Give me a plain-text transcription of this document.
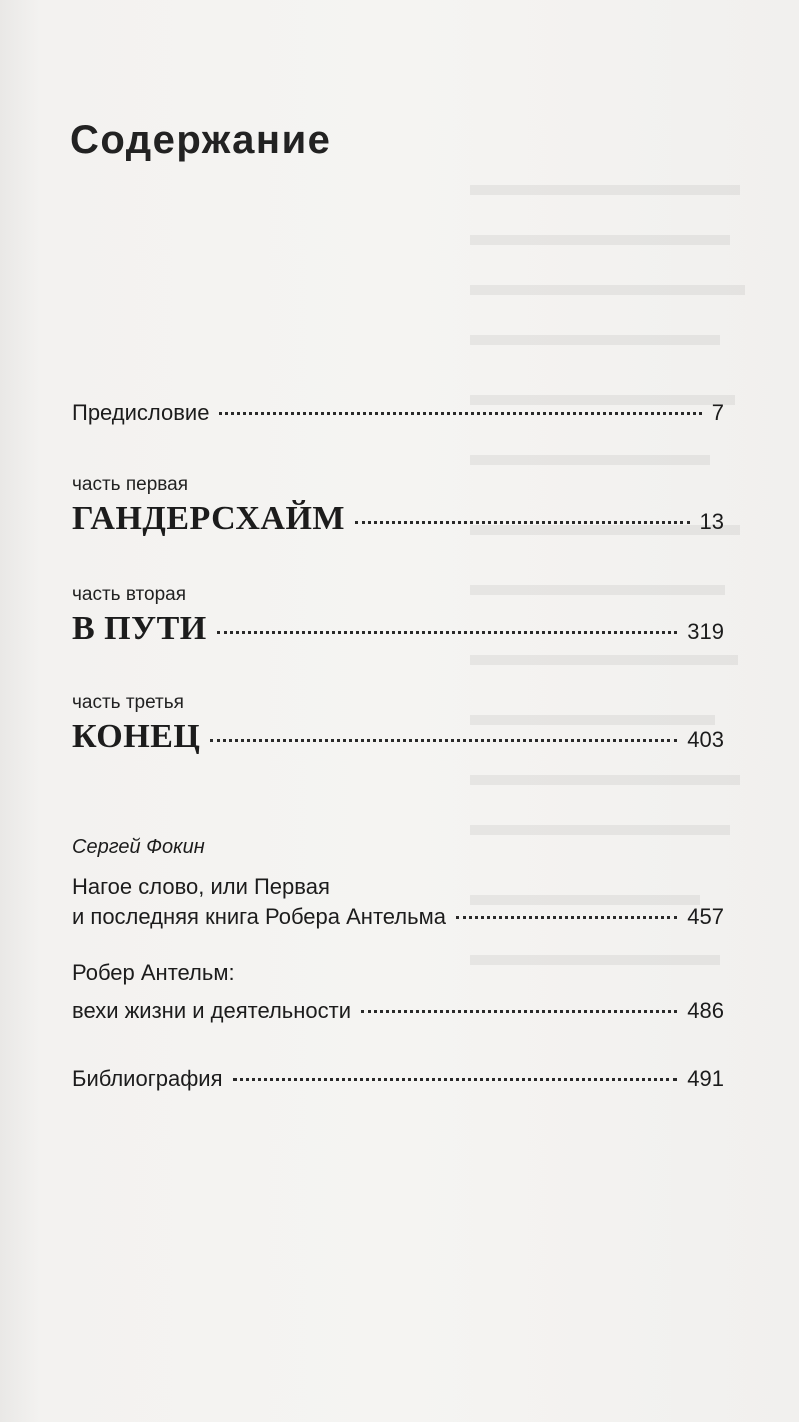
Содержание
Предисловие	7
часть первая
ГАНДЕРСХАЙМ	13
часть вторая
В ПУТИ	319
часть третья
КОНЕЦ	403
Сергей Фокин
Нагое слово, или Первая
и последняя книга Робера Антельма	457
Робер Антельм:
вехи жизни и деятельности	486
Библиография	491
